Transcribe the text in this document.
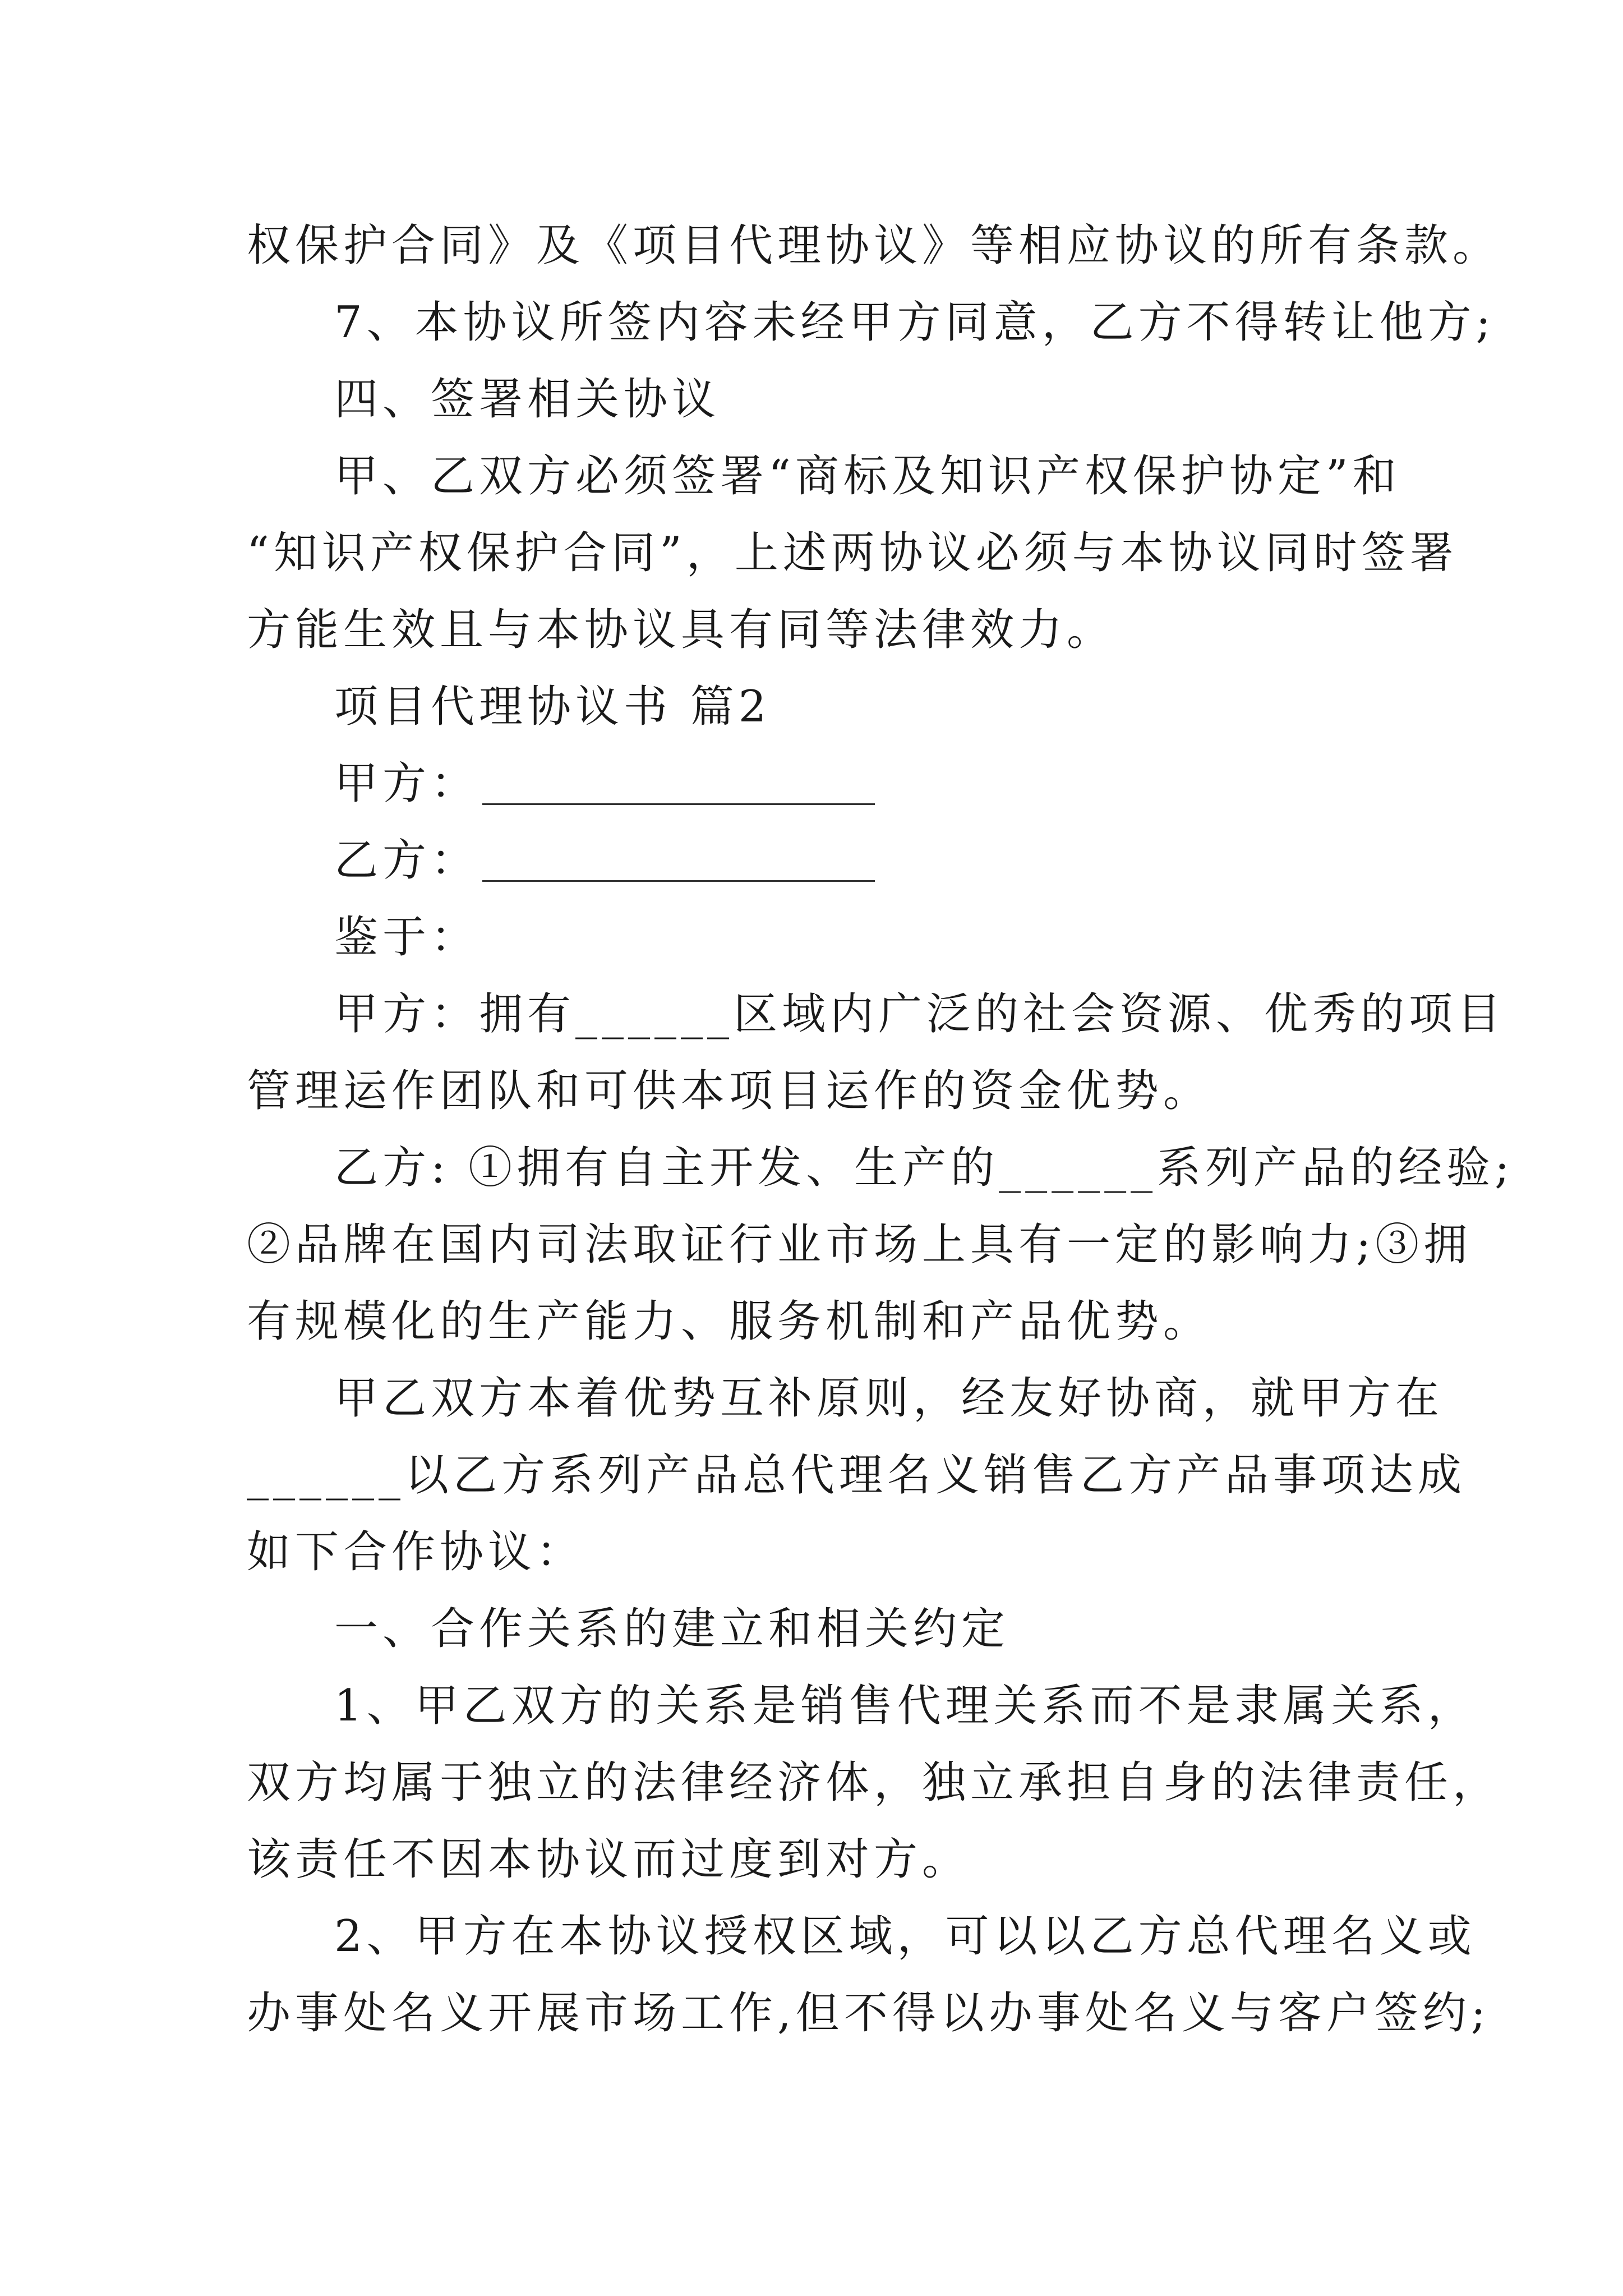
权保护合同》及《项目代理协议》等相应协议的所有条款。
7、本协议所签内容未经甲方同意，乙方不得转让他方;
四、签署相关协议
甲、乙双方必须签署“商标及知识产权保护协定”和
“知识产权保护合同”，上述两协议必须与本协议同时签署
方能生效且与本协议具有同等法律效力。
项目代理协议书 篇2
甲方：
乙方：
鉴于：
甲方：拥有______区域内广泛的社会资源、优秀的项目
管理运作团队和可供本项目运作的资金优势。
乙方: ①拥有自主开发、生产的______系列产品的经验;
②品牌在国内司法取证行业市场上具有一定的影响力;③拥
有规模化的生产能力、服务机制和产品优势。
甲乙双方本着优势互补原则，经友好协商，就甲方在
______以乙方系列产品总代理名义销售乙方产品事项达成
如下合作协议：
一、合作关系的建立和相关约定
1、甲乙双方的关系是销售代理关系而不是隶属关系，
双方均属于独立的法律经济体，独立承担自身的法律责任，
该责任不因本协议而过度到对方。
2、甲方在本协议授权区域，可以以乙方总代理名义或
办事处名义开展市场工作,但不得以办事处名义与客户签约;
